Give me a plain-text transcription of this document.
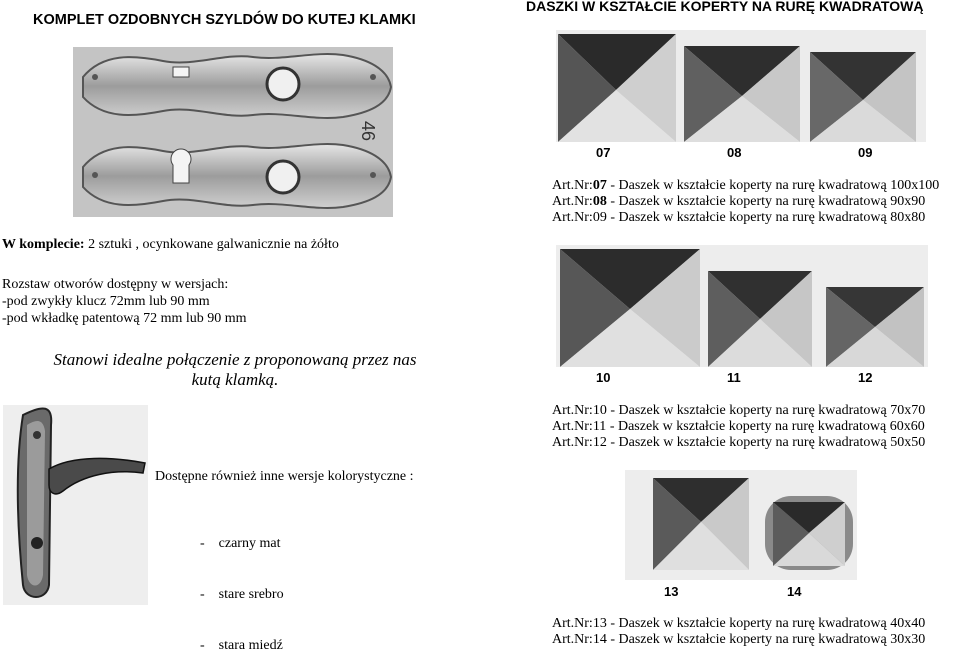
KOMPLET OZDOBNYCH SZYLDÓW DO KUTEJ KLAMKI
46
W komplecie: 2 sztuki , ocynkowane galwanicznie na żółto
Rozstaw otworów dostępny w wersjach:
-pod zwykły klucz 72mm lub 90 mm
-pod wkładkę patentową 72 mm lub 90 mm
Stanowi idealne połączenie z proponowaną przez nas
kutą klamką.
Dostępne również inne wersje kolorystyczne :

-    czarny mat

-    stare srebro

-    stara miedź

DASZKI W KSZTAŁCIE KOPERTY NA RURĘ KWADRATOWĄ
07	08	09
Art.Nr:07 - Daszek w kształcie koperty na rurę kwadratową 100x100
Art.Nr:08 - Daszek w kształcie koperty na rurę kwadratową 90x90
Art.Nr:09 - Daszek w kształcie koperty na rurę kwadratową 80x80
10	11	12
Art.Nr:10 - Daszek w kształcie koperty na rurę kwadratową 70x70
Art.Nr:11 - Daszek w kształcie koperty na rurę kwadratową 60x60
Art.Nr:12 - Daszek w kształcie koperty na rurę kwadratową 50x50
13	14
Art.Nr:13 - Daszek w kształcie koperty na rurę kwadratową 40x40
Art.Nr:14 - Daszek w kształcie koperty na rurę kwadratową 30x30
